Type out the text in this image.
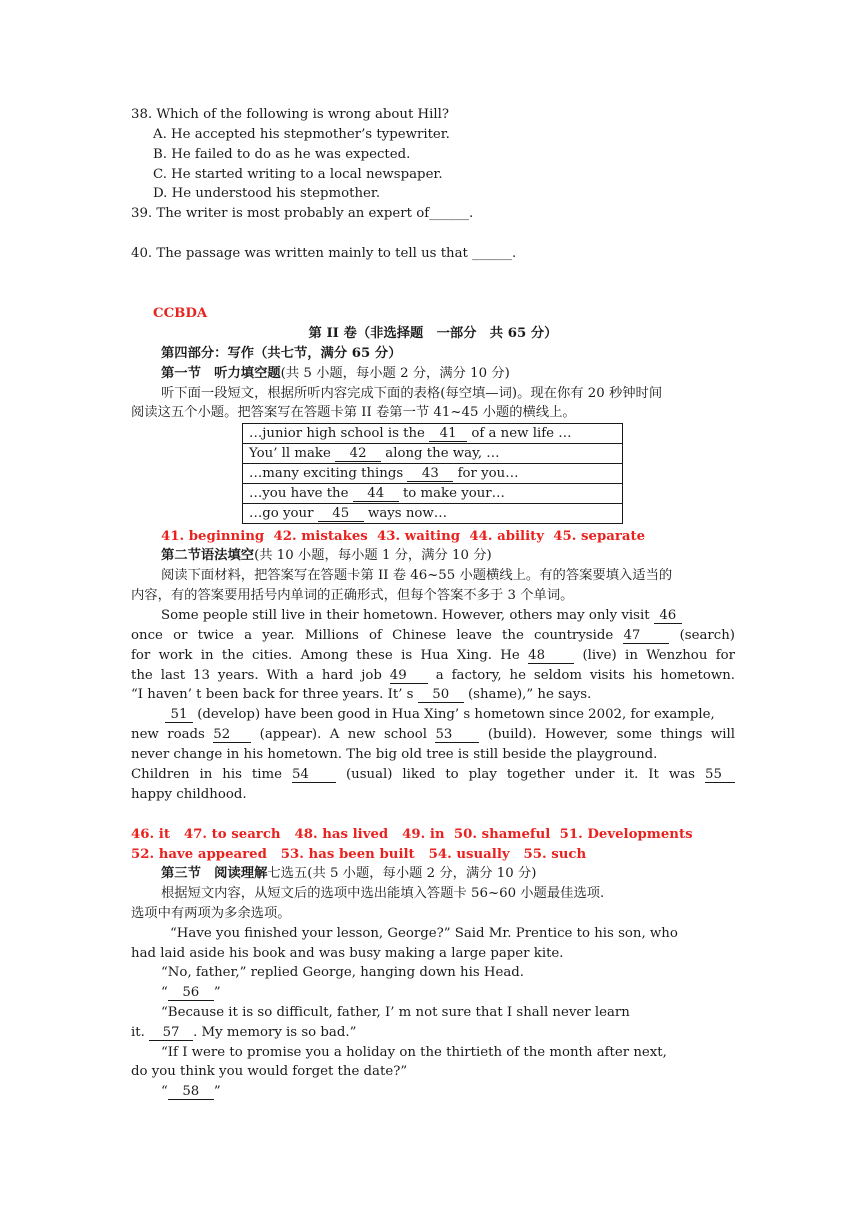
38. Which of the following is wrong about Hill?
A. He accepted his stepmother’s typewriter.
B. He failed to do as he was expected.
C. He started writing to a local newspaper.
D. He understood his stepmother.
39. The writer is most probably an expert of______.

40. The passage was written mainly to tell us that ______.

CCBDA
第 II 卷（非选择题　一部分　共 65 分）
第四部分：写作（共七节，满分 65 分）
第一节　听力填空题(共 5 小题，每小题 2 分，满分 10 分)
听下面一段短文，根据所听内容完成下面的表格(每空填—词)。现在你有 20 秒钟时间
阅读这五个小题。把答案写在答题卡第 II 卷第一节 41~45 小题的横线上。
…junior high school is the 41 of a new life …
You’ ll make 42 along the way, …
…many exciting things 43 for you…
…you have the 44 to make your…
…go your 45 ways now…
41. beginning  42. mistakes  43. waiting  44. ability  45. separate
第二节语法填空(共 10 小题，每小题 1 分，满分 10 分)
阅读下面材料，把答案写在答题卡第 II 卷 46~55 小题横线上。有的答案要填入适当的
内容，有的答案要用括号内单词的正确形式，但每个答案不多于 3 个单词。
Some people still live in their hometown. However, others may only visit 46
once or twice a year. Millions of Chinese leave the countryside 47 (search)
for work in the cities. Among these is Hua Xing. He 48 (live) in Wenzhou for
the last 13 years. With a hard job 49 a factory, he seldom visits his hometown.
“I haven’ t been back for three years. It’ s 50 (shame),” he says.
51 (develop) have been good in Hua Xing’ s hometown since 2002, for example,
new roads 52 (appear). A new school 53 (build). However, some things will
never change in his hometown. The big old tree is still beside the playground.
Children in his time 54 (usual) liked to play together under it. It was 55
happy childhood.
46. it   47. to search   48. has lived   49. in  50. shameful  51. Developments
52. have appeared   53. has been built   54. usually   55. such
第三节　阅读理解七选五(共 5 小题，每小题 2 分，满分 10 分)
根据短文内容，从短文后的选项中选出能填入答题卡 56~60 小题最佳选项.
选项中有两项为多余选项。
“Have you finished your lesson, George?” Said Mr. Prentice to his son, who
had laid aside his book and was busy making a large paper kite.
“No, father,” replied George, hanging down his Head.
“ 56 ”
“Because it is so difficult, father, I’ m not sure that I shall never learn
it. 57 . My memory is so bad.”
“If I were to promise you a holiday on the thirtieth of the month after next,
do you think you would forget the date?”
“ 58 ”
